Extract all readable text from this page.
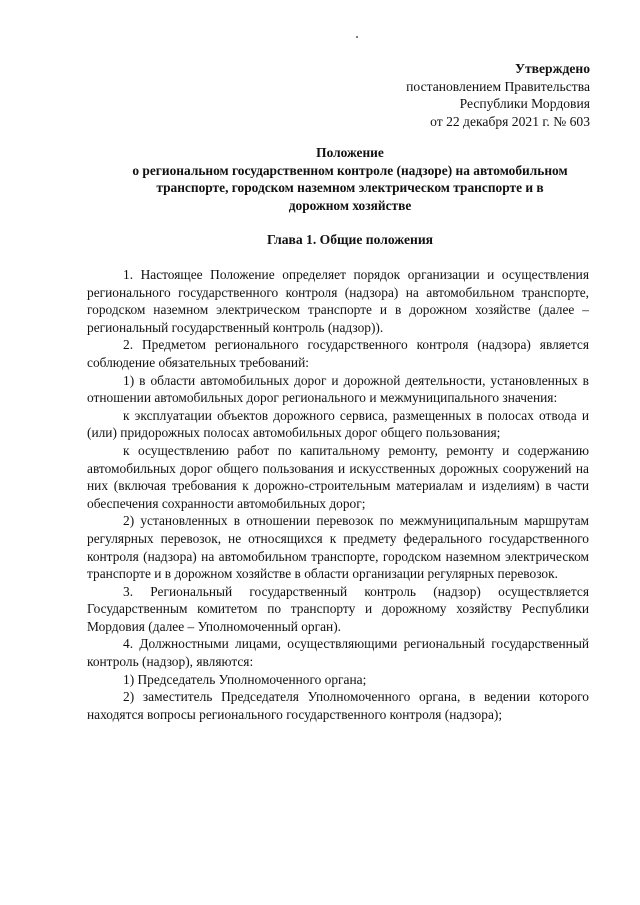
Утверждено
постановлением Правительства
Республики Мордовия
от 22 декабря 2021 г. № 603
Положение
о региональном государственном контроле (надзоре) на автомобильном
транспорте, городском наземном электрическом транспорте и в
дорожном хозяйстве
Глава 1. Общие положения

1. Настоящее Положение определяет порядок организации и осуществления регионального государственного контроля (надзора) на автомобильном транспорте, городском наземном электрическом транспорте и в дорожном хозяйстве (далее – региональный государственный контроль (надзор)).

2. Предметом регионального государственного контроля (надзора) является соблюдение обязательных требований:

1) в области автомобильных дорог и дорожной деятельности, установленных в отношении автомобильных дорог регионального и межмуниципального значения:

к эксплуатации объектов дорожного сервиса, размещенных в полосах отвода и (или) придорожных полосах автомобильных дорог общего пользования;

к осуществлению работ по капитальному ремонту, ремонту и содержанию автомобильных дорог общего пользования и искусственных дорожных сооружений на них (включая требования к дорожно-строительным материалам и изделиям) в части обеспечения сохранности автомобильных дорог;

2) установленных в отношении перевозок по межмуниципальным маршрутам регулярных перевозок, не относящихся к предмету федерального государственного контроля (надзора) на автомобильном транспорте, городском наземном электрическом транспорте и в дорожном хозяйстве в области организации регулярных перевозок.

3. Региональный государственный контроль (надзор) осуществляется Государственным комитетом по транспорту и дорожному хозяйству Республики Мордовия (далее – Уполномоченный орган).

4. Должностными лицами, осуществляющими региональный государственный контроль (надзор), являются:

1) Председатель Уполномоченного органа;

2) заместитель Председателя Уполномоченного органа, в ведении которого находятся вопросы регионального государственного контроля (надзора);
